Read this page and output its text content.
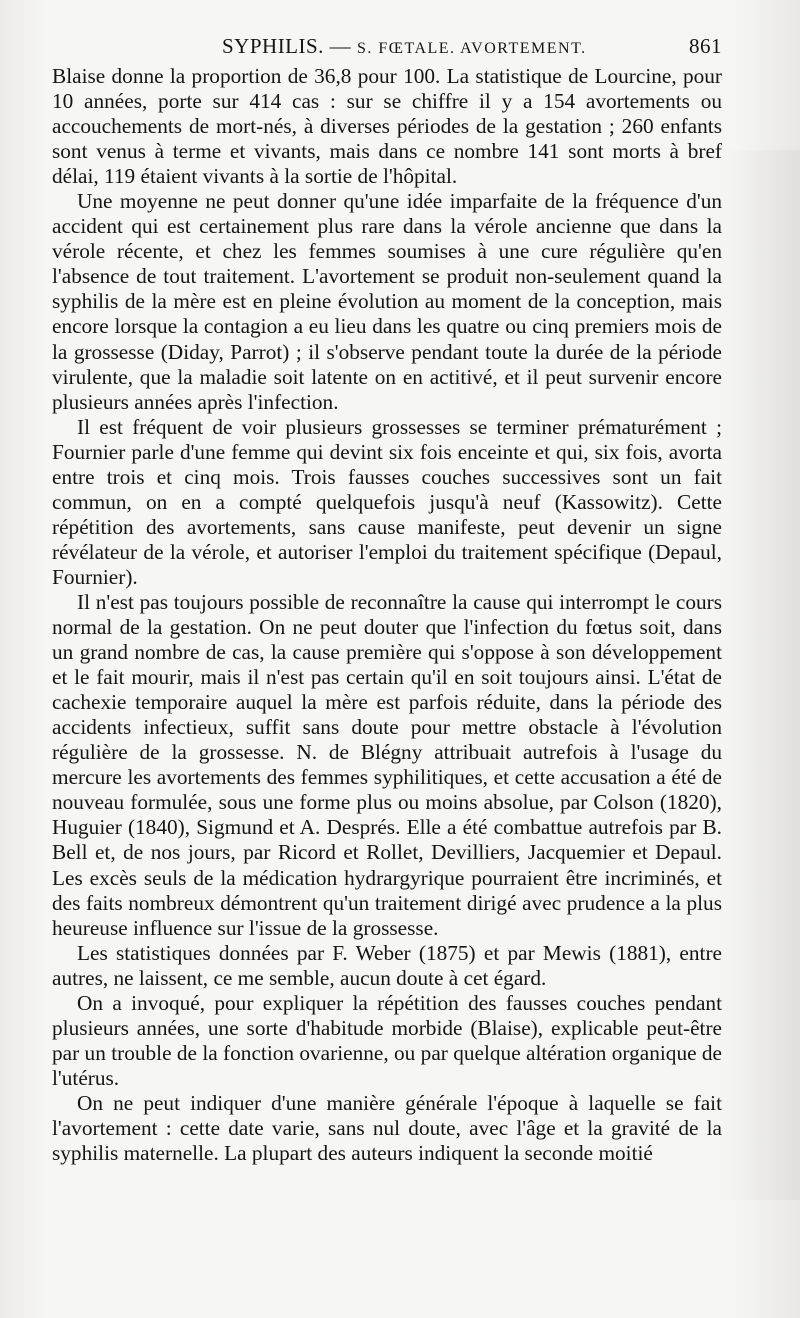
SYPHILIS. — S. FŒTALE. AVORTEMENT.	861

Blaise donne la proportion de 36,8 pour 100. La statistique de Lourcine, pour 10 années, porte sur 414 cas : sur se chiffre il y a 154 avortements ou accouchements de mort-nés, à diverses périodes de la gestation ; 260 enfants sont venus à terme et vivants, mais dans ce nombre 141 sont morts à bref délai, 119 étaient vivants à la sortie de l'hôpital.

Une moyenne ne peut donner qu'une idée imparfaite de la fréquence d'un accident qui est certainement plus rare dans la vérole ancienne que dans la vérole récente, et chez les femmes soumises à une cure régulière qu'en l'absence de tout traitement. L'avortement se produit non-seulement quand la syphilis de la mère est en pleine évolution au moment de la conception, mais encore lorsque la contagion a eu lieu dans les quatre ou cinq premiers mois de la grossesse (Diday, Parrot) ; il s'observe pendant toute la durée de la période virulente, que la maladie soit latente on en actitivé, et il peut survenir encore plusieurs années après l'infection.

Il est fréquent de voir plusieurs grossesses se terminer prématurément ; Fournier parle d'une femme qui devint six fois enceinte et qui, six fois, avorta entre trois et cinq mois. Trois fausses couches successives sont un fait commun, on en a compté quelquefois jusqu'à neuf (Kassowitz). Cette répétition des avortements, sans cause manifeste, peut devenir un signe révélateur de la vérole, et autoriser l'emploi du traitement spécifique (Depaul, Fournier).

Il n'est pas toujours possible de reconnaître la cause qui interrompt le cours normal de la gestation. On ne peut douter que l'infection du fœtus soit, dans un grand nombre de cas, la cause première qui s'oppose à son développement et le fait mourir, mais il n'est pas certain qu'il en soit toujours ainsi. L'état de cachexie temporaire auquel la mère est parfois réduite, dans la période des accidents infectieux, suffit sans doute pour mettre obstacle à l'évolution régulière de la grossesse. N. de Blégny attribuait autrefois à l'usage du mercure les avortements des femmes syphilitiques, et cette accusation a été de nouveau formulée, sous une forme plus ou moins absolue, par Colson (1820), Huguier (1840), Sigmund et A. Després. Elle a été combattue autrefois par B. Bell et, de nos jours, par Ricord et Rollet, Devilliers, Jacquemier et Depaul. Les excès seuls de la médication hydrargyrique pourraient être incriminés, et des faits nombreux démontrent qu'un traitement dirigé avec prudence a la plus heureuse influence sur l'issue de la grossesse.

Les statistiques données par F. Weber (1875) et par Mewis (1881), entre autres, ne laissent, ce me semble, aucun doute à cet égard.

On a invoqué, pour expliquer la répétition des fausses couches pendant plusieurs années, une sorte d'habitude morbide (Blaise), explicable peut-être par un trouble de la fonction ovarienne, ou par quelque altération organique de l'utérus.

On ne peut indiquer d'une manière générale l'époque à laquelle se fait l'avortement : cette date varie, sans nul doute, avec l'âge et la gravité de la syphilis maternelle. La plupart des auteurs indiquent la seconde moitié
